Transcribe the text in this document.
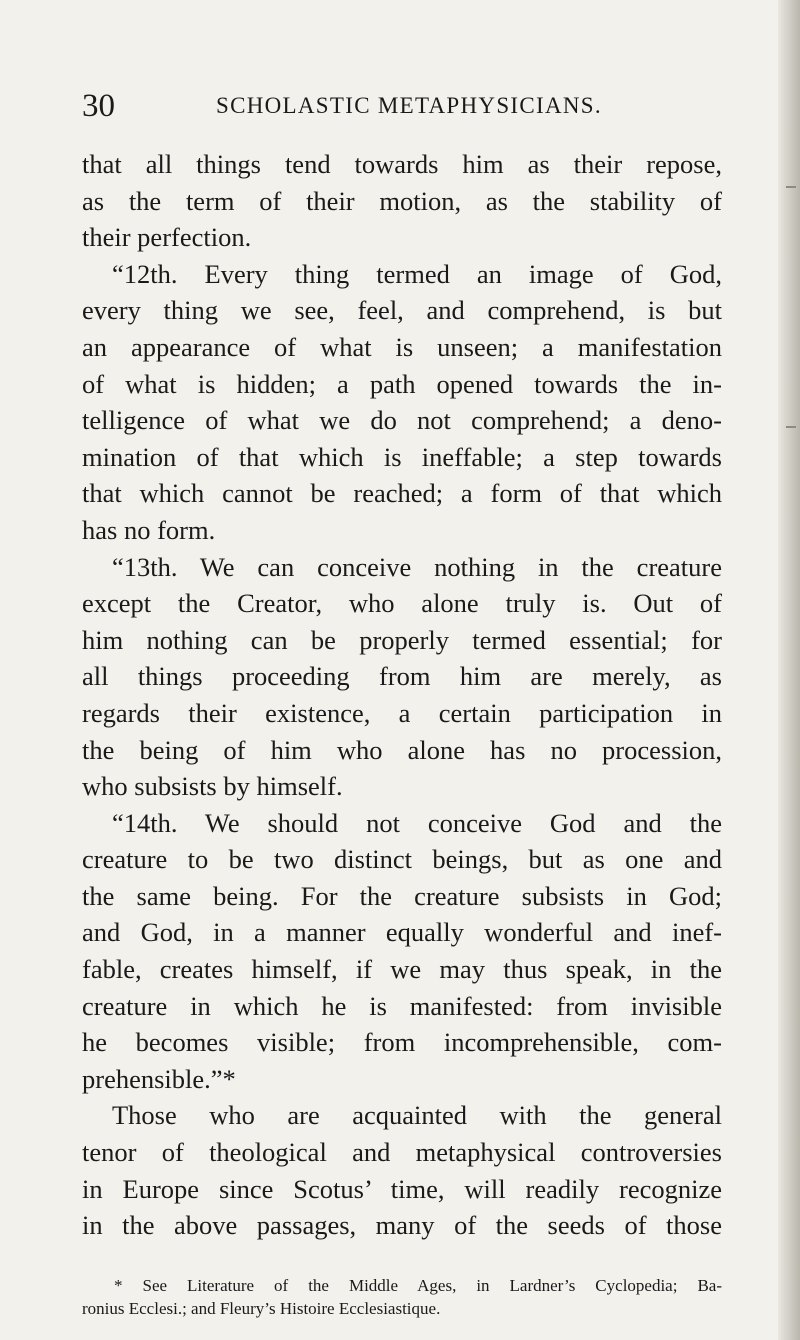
30	SCHOLASTIC METAPHYSICIANS.
that all things tend towards him as their repose,
as the term of their motion, as the stability of
their perfection.
“12th. Every thing termed an image of God,
every thing we see, feel, and comprehend, is but
an appearance of what is unseen; a manifestation
of what is hidden; a path opened towards the in-
telligence of what we do not comprehend; a deno-
mination of that which is ineffable; a step towards
that which cannot be reached; a form of that which
has no form.
“13th. We can conceive nothing in the creature
except the Creator, who alone truly is. Out of
him nothing can be properly termed essential; for
all things proceeding from him are merely, as
regards their existence, a certain participation in
the being of him who alone has no procession,
who subsists by himself.
“14th. We should not conceive God and the
creature to be two distinct beings, but as one and
the same being. For the creature subsists in God;
and God, in a manner equally wonderful and inef-
fable, creates himself, if we may thus speak, in the
creature in which he is manifested: from invisible
he becomes visible; from incomprehensible, com-
prehensible.”*
Those who are acquainted with the general
tenor of theological and metaphysical controversies
in Europe since Scotus’ time, will readily recognize
in the above passages, many of the seeds of those
* See Literature of the Middle Ages, in Lardner’s Cyclopedia; Ba-
ronius Ecclesi.; and Fleury’s Histoire Ecclesiastique.
